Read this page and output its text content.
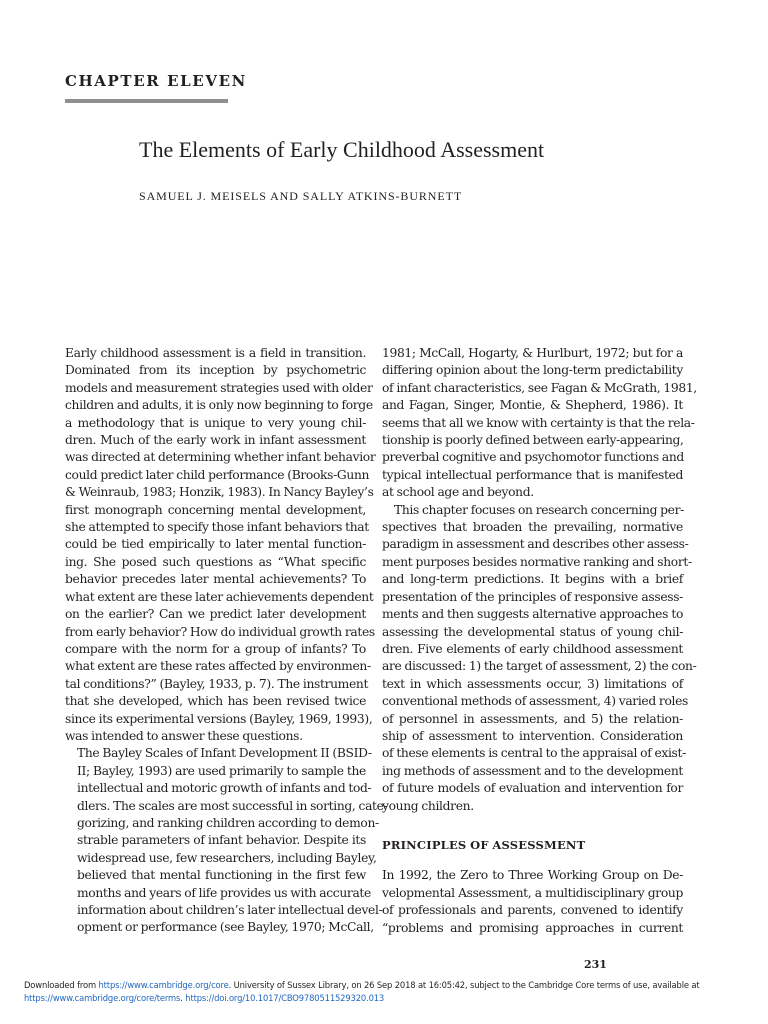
CHAPTER ELEVEN
The Elements of Early Childhood Assessment
SAMUEL J. MEISELS AND SALLY ATKINS-BURNETT

Early childhood assessment is a field in transition.
Dominated from its inception by psychometric
models and measurement strategies used with older
children and adults, it is only now beginning to forge
a methodology that is unique to very young chil-
dren. Much of the early work in infant assessment
was directed at determining whether infant behavior
could predict later child performance (Brooks-Gunn
& Weinraub, 1983; Honzik, 1983). In Nancy Bayley’s
first monograph concerning mental development,
she attempted to specify those infant behaviors that
could be tied empirically to later mental function-
ing. She posed such questions as “What specific
behavior precedes later mental achievements? To
what extent are these later achievements dependent
on the earlier? Can we predict later development
from early behavior? How do individual growth rates
compare with the norm for a group of infants? To
what extent are these rates affected by environmen-
tal conditions?” (Bayley, 1933, p. 7). The instrument
that she developed, which has been revised twice
since its experimental versions (Bayley, 1969, 1993),
was intended to answer these questions.

The Bayley Scales of Infant Development II (BSID-
II; Bayley, 1993) are used primarily to sample the
intellectual and motoric growth of infants and tod-
dlers. The scales are most successful in sorting, cate-
gorizing, and ranking children according to demon-
strable parameters of infant behavior. Despite its
widespread use, few researchers, including Bayley,
believed that mental functioning in the first few
months and years of life provides us with accurate
information about children’s later intellectual devel-
opment or performance (see Bayley, 1970; McCall,

1981; McCall, Hogarty, & Hurlburt, 1972; but for a
differing opinion about the long-term predictability
of infant characteristics, see Fagan & McGrath, 1981,
and Fagan, Singer, Montie, & Shepherd, 1986). It
seems that all we know with certainty is that the rela-
tionship is poorly defined between early-appearing,
preverbal cognitive and psychomotor functions and
typical intellectual performance that is manifested
at school age and beyond.

This chapter focuses on research concerning per-
spectives that broaden the prevailing, normative
paradigm in assessment and describes other assess-
ment purposes besides normative ranking and short-
and long-term predictions. It begins with a brief
presentation of the principles of responsive assess-
ments and then suggests alternative approaches to
assessing the developmental status of young chil-
dren. Five elements of early childhood assessment
are discussed: 1) the target of assessment, 2) the con-
text in which assessments occur, 3) limitations of
conventional methods of assessment, 4) varied roles
of personnel in assessments, and 5) the relation-
ship of assessment to intervention. Consideration
of these elements is central to the appraisal of exist-
ing methods of assessment and to the development
of future models of evaluation and intervention for
young children.

PRINCIPLES OF ASSESSMENT

In 1992, the Zero to Three Working Group on De-
velopmental Assessment, a multidisciplinary group
of professionals and parents, convened to identify
“problems and promising approaches in current

231
Downloaded from https://www.cambridge.org/core. University of Sussex Library, on 26 Sep 2018 at 16:05:42, subject to the Cambridge Core terms of use, available at
https://www.cambridge.org/core/terms. https://doi.org/10.1017/CBO9780511529320.013
